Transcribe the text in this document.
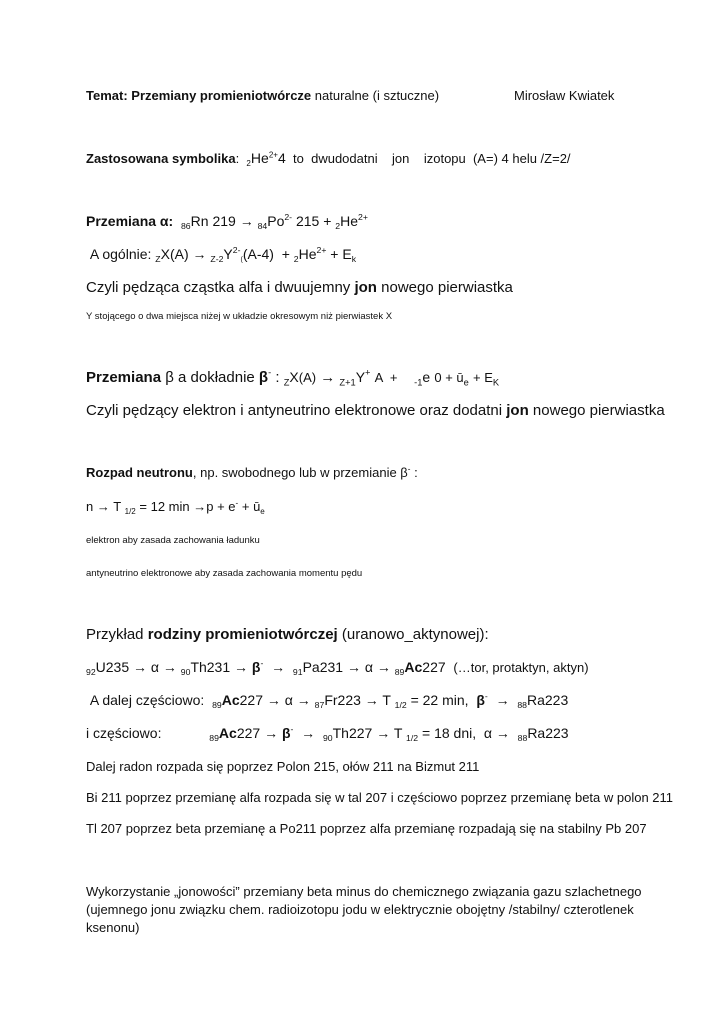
Temat: Przemiany promieniotwórcze naturalne (i sztuczne)	Mirosław Kwiatek
Zastosowana symbolika: $_2He^{2+}4$ to  dwudodatni    jon    izotopu  (A=) 4 helu /Z=2/
Przemiana α: $_{86}$Rn $219 \to _{84}Po^{2-}$ $215 + _2He^{2+}$
A ogólnie: $_ZX(A) \to _{Z-2}Y^{2-}_((A-4) + _2He^{2+} + E_k$
Czyli pędząca cząstka alfa i dwuujemny jon nowego pierwiastka
Y stojącego o dwa miejsca niżej w układzie okresowym niż pierwiastek X
Przemiana β a dokładnie β- : $_Z$X(A) → $_{Z+1}$Y+ A  + $_{-1}$e $0 + ū_e + E_K$
Czyli pędzący elektron i antyneutrino elektronowe oraz dodatni jon nowego pierwiastka
Rozpad neutronu, np. swobodnego lub w przemianie β- :
n → T $_{1/2}$ = 12 $\min \to p + e^- + ū_e$
elektron aby zasada zachowania ładunku
antyneutrino elektronowe aby zasada zachowania momentu pędu
Przykład rodziny promieniotwórczej (uranowo_aktynowej):
$_{92}$U235 → α → $_{90}$Th231 → β- → $_{91}$Pa231 → α → $_{89}$Ac227 (…tor, protaktyn, aktyn)
A dalej częściowo: $_{89}$Ac227 → α → $_{87}$Fr223 → T $_{1/2}$ = 22 min, β- → $_{88}$Ra223
i częściowo:	$_{89}$Ac227 → β- → $_{90}$Th227 → T $_{1/2}$ = 18 dni, α → $_{88}$Ra223
Dalej radon rozpada się poprzez Polon 215, ołów 211 na Bizmut 211
Bi 211 poprzez przemianę alfa rozpada się w tal 207 i częściowo poprzez przemianę beta w polon 211
Tl 207 poprzez beta przemianę a Po211 poprzez alfa przemianę rozpadają się na stabilny Pb 207
Wykorzystanie „jonowości” przemiany beta minus do chemicznego związania gazu szlachetnego (ujemnego jonu związku chem. radioizotopu jodu w elektrycznie obojętny /stabilny/ czterotlenek ksenonu)
